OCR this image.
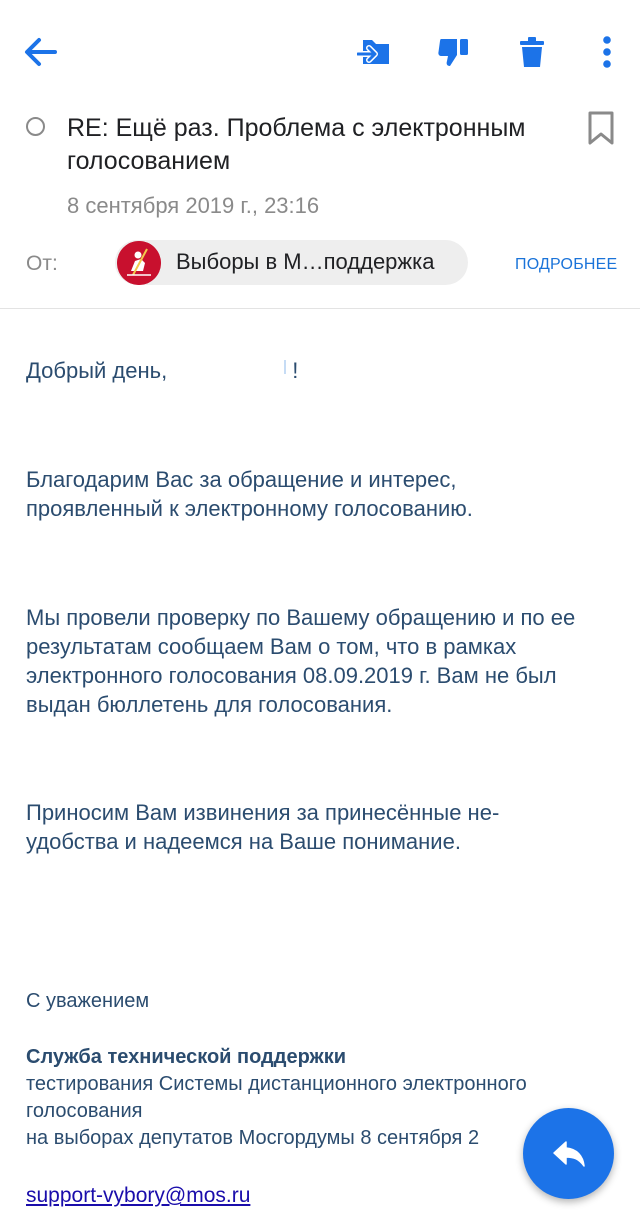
RE: Ещё раз. Проблема с электронным голосованием
8 сентября 2019 г., 23:16
От:	Выборы в М…поддержка	ПОДРОБНЕЕ
Добрый день,	!
Благодарим Вас за обращение и интерес, проявленный к электронному голосованию.
Мы провели проверку по Вашему обращению и по ее результатам сообщаем Вам о том, что в рамках электронного голосования 08.09.2019 г. Вам не был выдан бюллетень для голосования.
Приносим Вам извинения за принесённые неудобства и надеемся на Ваше понимание.
С уважением
Служба технической поддержки
тестирования Системы дистанционного электронного голосования
на выборах депутатов Мосгордумы 8 сентября 2
support-vybory@mos.ru
